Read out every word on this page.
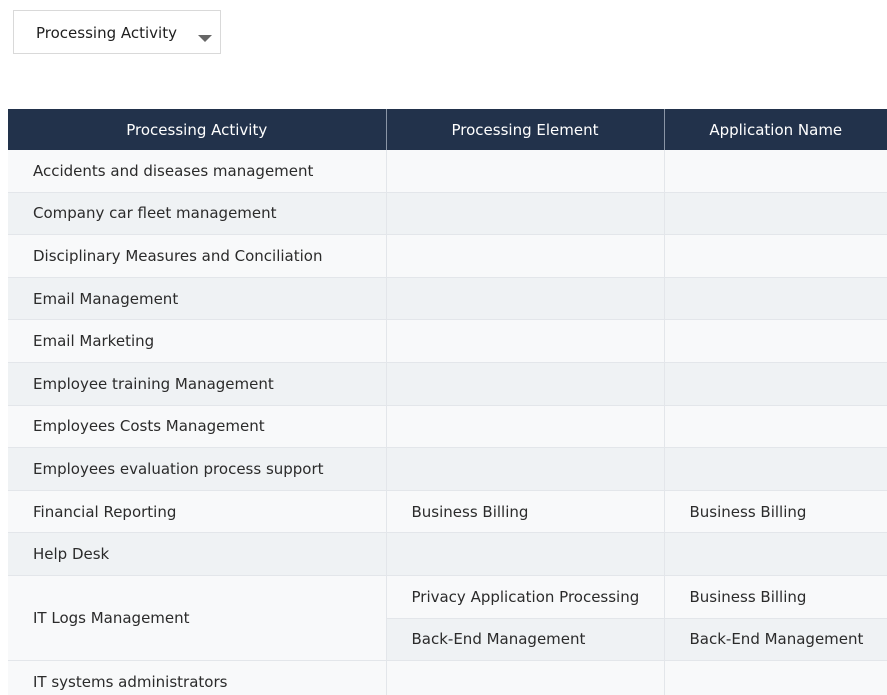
Processing Activity
Processing Activity	Processing Element	Application Name
Accidents and diseases management		
Company car fleet management		
Disciplinary Measures and Conciliation		
Email Management		
Email Marketing		
Employee training Management		
Employees Costs Management		
Employees evaluation process support		
Financial Reporting	Business Billing	Business Billing
Help Desk		
IT Logs Management	Privacy Application Processing	Business Billing
	Back-End Management	Back-End Management
IT systems administrators		
